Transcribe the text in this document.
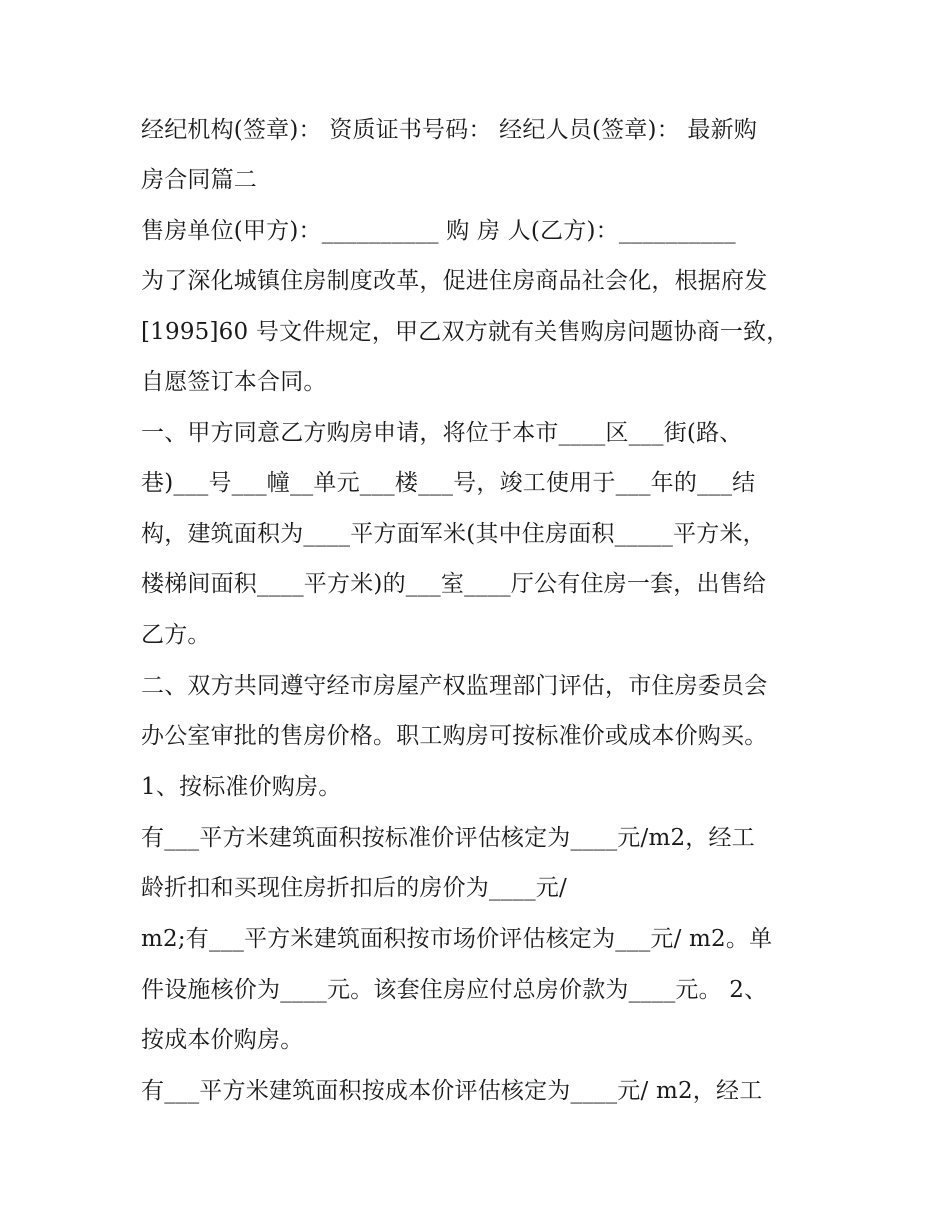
经纪机构(签章)： 资质证书号码： 经纪人员(签章)： 最新购
房合同篇二
售房单位(甲方)：__________ 购 房 人(乙方)：__________
为了深化城镇住房制度改革，促进住房商品社会化，根据府发
[1995]60 号文件规定，甲乙双方就有关售购房问题协商一致，
自愿签订本合同。
一、甲方同意乙方购房申请，将位于本市____区___街(路、
巷)___号___幢__单元___楼___号，竣工使用于___年的___结
构，建筑面积为____平方面军米(其中住房面积_____平方米，
楼梯间面积____平方米)的___室____厅公有住房一套，出售给
乙方。
二、双方共同遵守经市房屋产权监理部门评估，市住房委员会
办公室审批的售房价格。职工购房可按标准价或成本价购买。
1、按标准价购房。
有___平方米建筑面积按标准价评估核定为____元/m2，经工
龄折扣和买现住房折扣后的房价为____元/
m2;有___平方米建筑面积按市场价评估核定为___元/ m2。单
件设施核价为____元。该套住房应付总房价款为____元。 2、
按成本价购房。
有___平方米建筑面积按成本价评估核定为____元/ m2，经工
